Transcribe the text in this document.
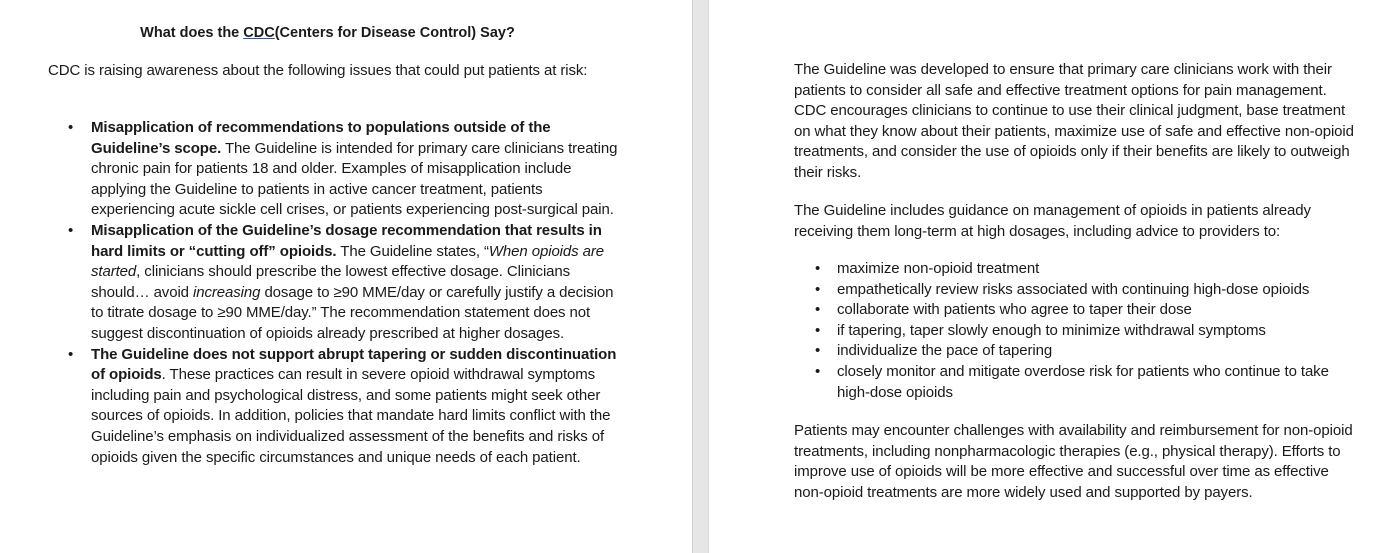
What does the CDC(Centers for Disease Control) Say?

CDC is raising awareness about the following issues that could put patients at risk:

• Misapplication of recommendations to populations outside of the Guideline’s scope. The Guideline is intended for primary care clinicians treating chronic pain for patients 18 and older. Examples of misapplication include applying the Guideline to patients in active cancer treatment, patients experiencing acute sickle cell crises, or patients experiencing post-surgical pain.
• Misapplication of the Guideline’s dosage recommendation that results in hard limits or “cutting off” opioids. The Guideline states, “When opioids are started, clinicians should prescribe the lowest effective dosage. Clinicians should… avoid increasing dosage to ≥90 MME/day or carefully justify a decision to titrate dosage to ≥90 MME/day.” The recommendation statement does not suggest discontinuation of opioids already prescribed at higher dosages.
• The Guideline does not support abrupt tapering or sudden discontinuation of opioids. These practices can result in severe opioid withdrawal symptoms including pain and psychological distress, and some patients might seek other sources of opioids. In addition, policies that mandate hard limits conflict with the Guideline’s emphasis on individualized assessment of the benefits and risks of opioids given the specific circumstances and unique needs of each patient.

The Guideline was developed to ensure that primary care clinicians work with their patients to consider all safe and effective treatment options for pain management. CDC encourages clinicians to continue to use their clinical judgment, base treatment on what they know about their patients, maximize use of safe and effective non-opioid treatments, and consider the use of opioids only if their benefits are likely to outweigh their risks.

The Guideline includes guidance on management of opioids in patients already receiving them long-term at high dosages, including advice to providers to:

• maximize non-opioid treatment
• empathetically review risks associated with continuing high-dose opioids
• collaborate with patients who agree to taper their dose
• if tapering, taper slowly enough to minimize withdrawal symptoms
• individualize the pace of tapering
• closely monitor and mitigate overdose risk for patients who continue to take high-dose opioids

Patients may encounter challenges with availability and reimbursement for non-opioid treatments, including nonpharmacologic therapies (e.g., physical therapy). Efforts to improve use of opioids will be more effective and successful over time as effective non-opioid treatments are more widely used and supported by payers.
